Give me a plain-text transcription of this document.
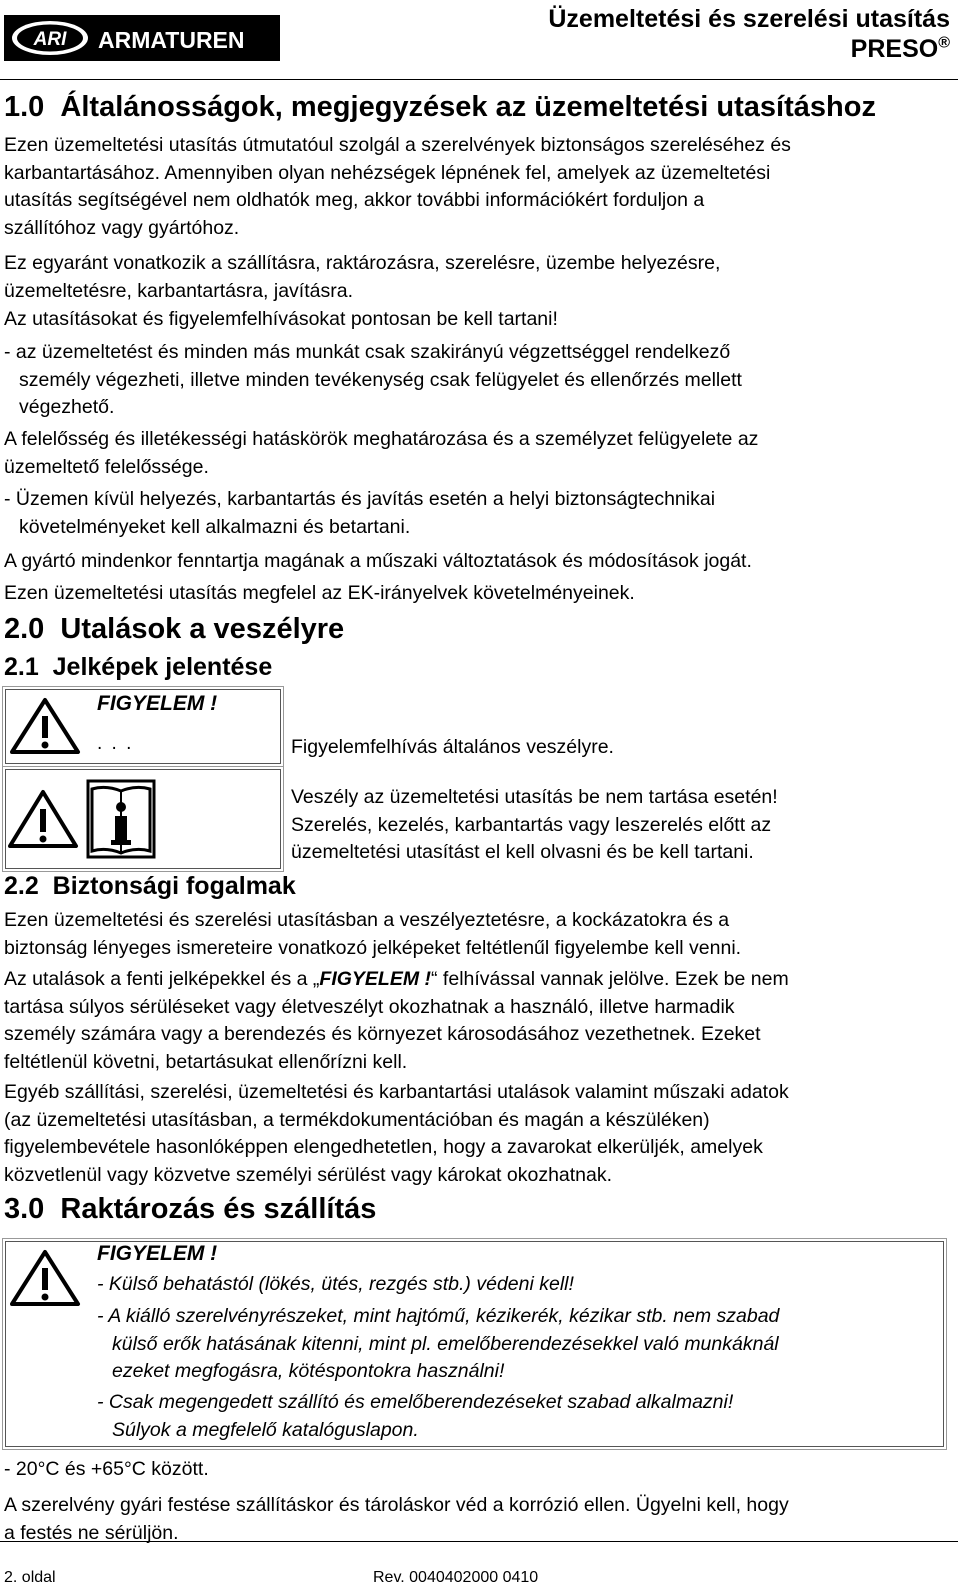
ARI ARMATUREN
Üzemeltetési és szerelési utasítás
PRESO®
1.0  Általánosságok, megjegyzések az üzemeltetési utasításhoz
Ezen üzemeltetési utasítás útmutatóul szolgál a szerelvények biztonságos szereléséhez és
karbantartásához. Amennyiben olyan nehézségek lépnének fel, amelyek az üzemeltetési
utasítás segítségével nem oldhatók meg, akkor további információkért forduljon a
szállítóhoz vagy gyártóhoz.
Ez egyaránt vonatkozik a szállításra, raktározásra, szerelésre, üzembe helyezésre,
üzemeltetésre, karbantartásra, javításra.
Az utasításokat és figyelemfelhívásokat pontosan be kell tartani!
- az üzemeltetést és minden más munkát csak szakirányú végzettséggel rendelkező
személy végezheti, illetve minden tevékenység csak felügyelet és ellenőrzés mellett
végezhető.
A felelősség és illetékességi hatáskörök meghatározása és a személyzet felügyelete az
üzemeltető felelőssége.
- Üzemen kívül helyezés, karbantartás és javítás esetén a helyi biztonságtechnikai
követelményeket kell alkalmazni és betartani.
A gyártó mindenkor fenntartja magának a műszaki változtatások és módosítások jogát.
Ezen üzemeltetési utasítás megfelel az EK-irányelvek követelményeinek.
2.0  Utalások a veszélyre
2.1  Jelképek jelentése
FIGYELEM !
. . .	Figyelemfelhívás általános veszélyre.
Veszély az üzemeltetési utasítás be nem tartása esetén!
Szerelés, kezelés, karbantartás vagy leszerelés előtt az
üzemeltetési utasítást el kell olvasni és be kell tartani.
2.2  Biztonsági fogalmak
Ezen üzemeltetési és szerelési utasításban a veszélyeztetésre, a kockázatokra és a
biztonság lényeges ismereteire vonatkozó jelképeket feltétlenűl figyelembe kell venni.
Az utalások a fenti jelképekkel és a „FIGYELEM !“ felhívással vannak jelölve. Ezek be nem
tartása súlyos sérüléseket vagy életveszélyt okozhatnak a használó, illetve harmadik
személy számára vagy a berendezés és környezet károsodásához vezethetnek. Ezeket
feltétlenül követni, betartásukat ellenőrízni kell.
Egyéb szállítási, szerelési, üzemeltetési és karbantartási utalások valamint műszaki adatok
(az üzemeltetési utasításban, a termékdokumentációban és magán a készüléken)
figyelembevétele hasonlóképpen elengedhetetlen, hogy a zavarokat elkerüljék, amelyek
közvetlenül vagy közvetve személyi sérülést vagy károkat okozhatnak.
3.0  Raktározás és szállítás
FIGYELEM !
- Külső behatástól (lökés, ütés, rezgés stb.) védeni kell!
- A kiálló szerelvényrészeket, mint hajtómű, kézikerék, kézikar stb. nem szabad
külső erők hatásának kitenni, mint pl. emelőberendezésekkel való munkáknál
ezeket megfogásra, kötéspontokra használni!
- Csak megengedett szállító és emelőberendezéseket szabad alkalmazni!
Súlyok a megfelelő katalóguslapon.
- 20°C és +65°C között.
A szerelvény gyári festése szállításkor és tároláskor véd a korrózió ellen. Ügyelni kell, hogy
a festés ne sérüljön.
2. oldal	Rev. 0040402000 0410
